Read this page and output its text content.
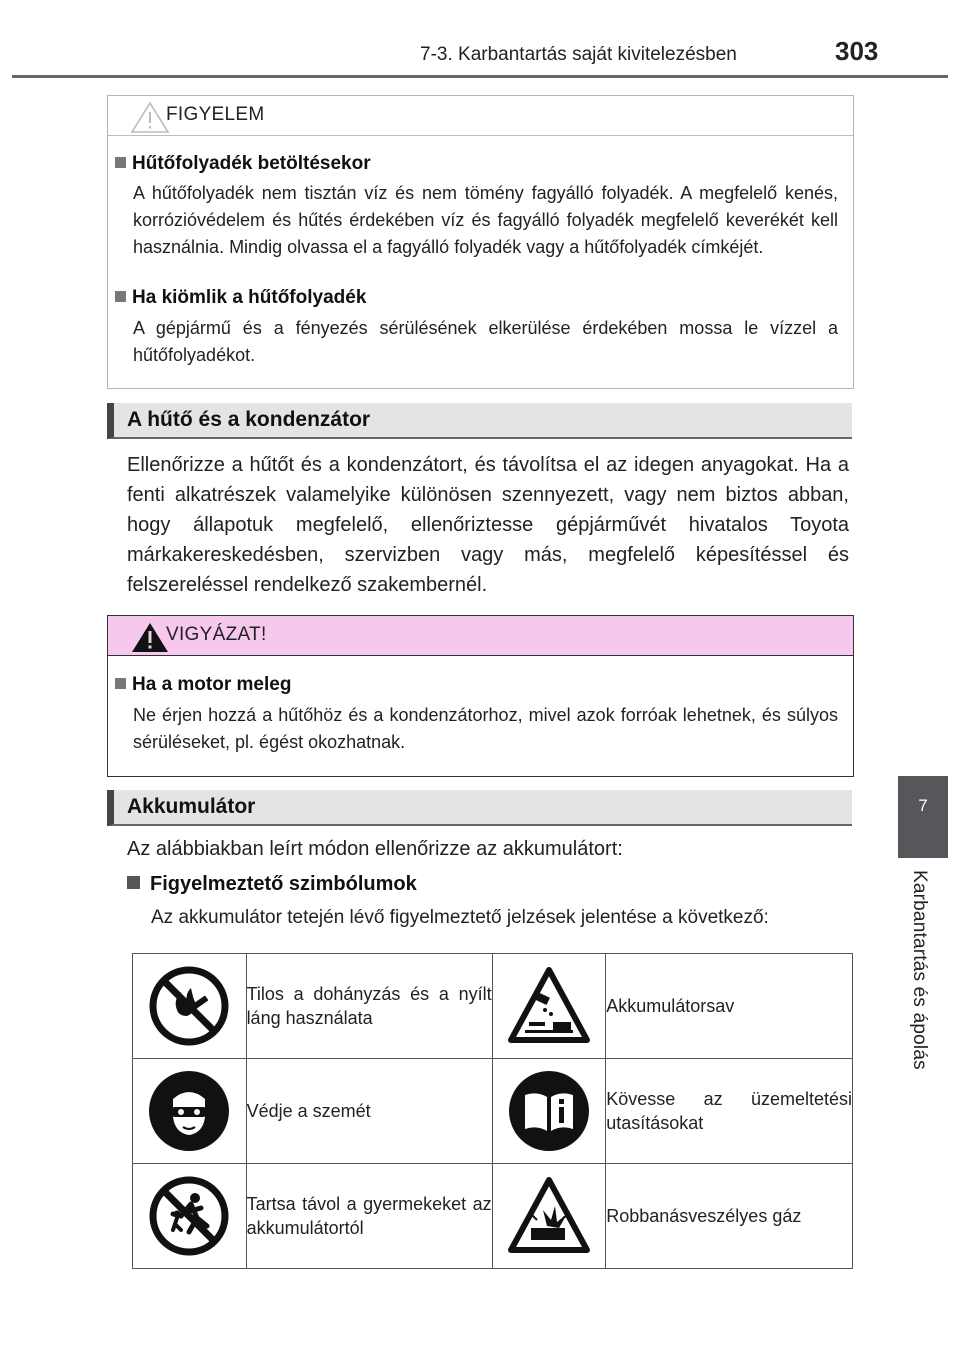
7-3. Karbantartás saját kivitelezésben	303
7
Karbantartás és ápolás
FIGYELEM
Hűtőfolyadék betöltésekor
A hűtőfolyadék nem tisztán víz és nem tömény fagyálló folyadék. A megfelelő kenés, korrózióvédelem és hűtés érdekében víz és fagyálló folyadék megfelelő keverékét kell használnia. Mindig olvassa el a fagyálló folyadék vagy a hűtőfolyadék címkéjét.
Ha kiömlik a hűtőfolyadék
A gépjármű és a fényezés sérülésének elkerülése érdekében mossa le vízzel a hűtőfolyadékot.
A hűtő és a kondenzátor
Ellenőrizze a hűtőt és a kondenzátort, és távolítsa el az idegen anyagokat. Ha a fenti alkatrészek valamelyike különösen szennyezett, vagy nem biztos abban, hogy állapotuk megfelelő, ellenőriztesse gépjárművét hivatalos Toyota márkakereskedésben, szervizben vagy más, megfelelő képesítéssel és felszereléssel rendelkező szakembernél.
VIGYÁZAT!
Ha a motor meleg
Ne érjen hozzá a hűtőhöz és a kondenzátorhoz, mivel azok forróak lehetnek, és súlyos sérüléseket, pl. égést okozhatnak.
Akkumulátor
Az alábbiakban leírt módon ellenőrizze az akkumulátort:
Figyelmeztető szimbólumok
Az akkumulátor tetején lévő figyelmeztető jelzések jelentése a következő:
	Tilos a dohányzás és a nyílt láng használata		Akkumulátorsav

	Védje a szemét		Kövesse az üzemeltetési utasításokat

	Tartsa távol a gyermekeket az akkumulátortól		Robbanásveszélyes gáz
